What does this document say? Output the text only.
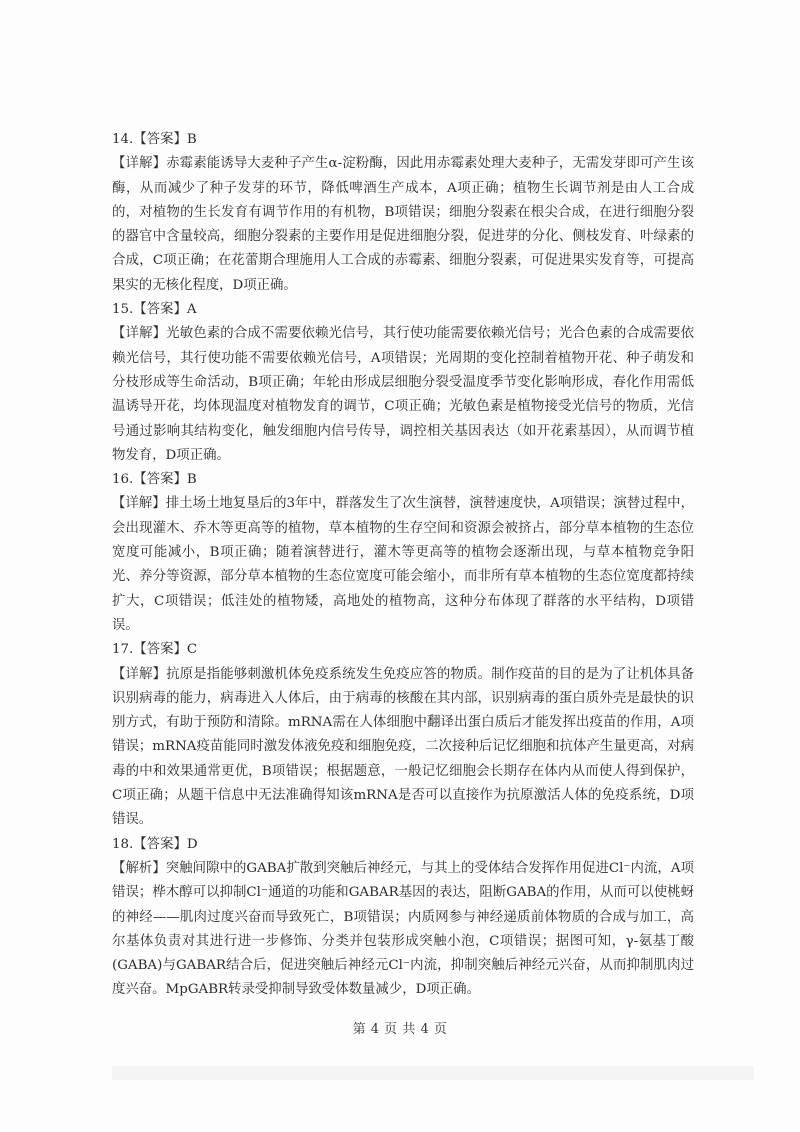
14.【答案】B
【详解】赤霉素能诱导大麦种子产生α-淀粉酶，因此用赤霉素处理大麦种子，无需发芽即可产生该酶，从而减少了种子发芽的环节，降低啤酒生产成本，A项正确；植物生长调节剂是由人工合成的，对植物的生长发育有调节作用的有机物，B项错误；细胞分裂素在根尖合成，在进行细胞分裂的器官中含量较高，细胞分裂素的主要作用是促进细胞分裂，促进芽的分化、侧枝发育、叶绿素的合成，C项正确；在花蕾期合理施用人工合成的赤霉素、细胞分裂素，可促进果实发育等，可提高果实的无核化程度，D项正确。
15.【答案】A
【详解】光敏色素的合成不需要依赖光信号，其行使功能需要依赖光信号；光合色素的合成需要依赖光信号，其行使功能不需要依赖光信号，A项错误；光周期的变化控制着植物开花、种子萌发和分枝形成等生命活动，B项正确；年轮由形成层细胞分裂受温度季节变化影响形成，春化作用需低温诱导开花，均体现温度对植物发育的调节，C项正确；光敏色素是植物接受光信号的物质，光信号通过影响其结构变化，触发细胞内信号传导，调控相关基因表达（如开花素基因），从而调节植物发育，D项正确。
16.【答案】B
【详解】排土场土地复垦后的3年中，群落发生了次生演替，演替速度快，A项错误；演替过程中，会出现灌木、乔木等更高等的植物，草本植物的生存空间和资源会被挤占，部分草本植物的生态位宽度可能减小，B项正确；随着演替进行，灌木等更高等的植物会逐渐出现，与草本植物竞争阳光、养分等资源，部分草本植物的生态位宽度可能会缩小，而非所有草本植物的生态位宽度都持续扩大，C项错误；低洼处的植物矮，高地处的植物高，这种分布体现了群落的水平结构，D项错误。
17.【答案】C
【详解】抗原是指能够刺激机体免疫系统发生免疫应答的物质。制作疫苗的目的是为了让机体具备识别病毒的能力，病毒进入人体后，由于病毒的核酸在其内部，识别病毒的蛋白质外壳是最快的识别方式，有助于预防和清除。mRNA需在人体细胞中翻译出蛋白质后才能发挥出疫苗的作用，A项错误；mRNA疫苗能同时激发体液免疫和细胞免疫，二次接种后记忆细胞和抗体产生量更高，对病毒的中和效果通常更优，B项错误；根据题意，一般记忆细胞会长期存在体内从而使人得到保护，C项正确；从题干信息中无法准确得知该mRNA是否可以直接作为抗原激活人体的免疫系统，D项错误。
18.【答案】D
【解析】突触间隙中的GABA扩散到突触后神经元，与其上的受体结合发挥作用促进Cl⁻内流，A项错误；桦木醇可以抑制Cl⁻通道的功能和GABAR基因的表达，阻断GABA的作用，从而可以使桃蚜的神经——肌肉过度兴奋而导致死亡，B项错误；内质网参与神经递质前体物质的合成与加工，高尔基体负责对其进行进一步修饰、分类并包装形成突触小泡，C项错误；据图可知，γ-氨基丁酸(GABA)与GABAR结合后，促进突触后神经元Cl⁻内流，抑制突触后神经元兴奋，从而抑制肌肉过度兴奋。MpGABR转录受抑制导致受体数量减少，D项正确。
第 4 页 共 4 页
